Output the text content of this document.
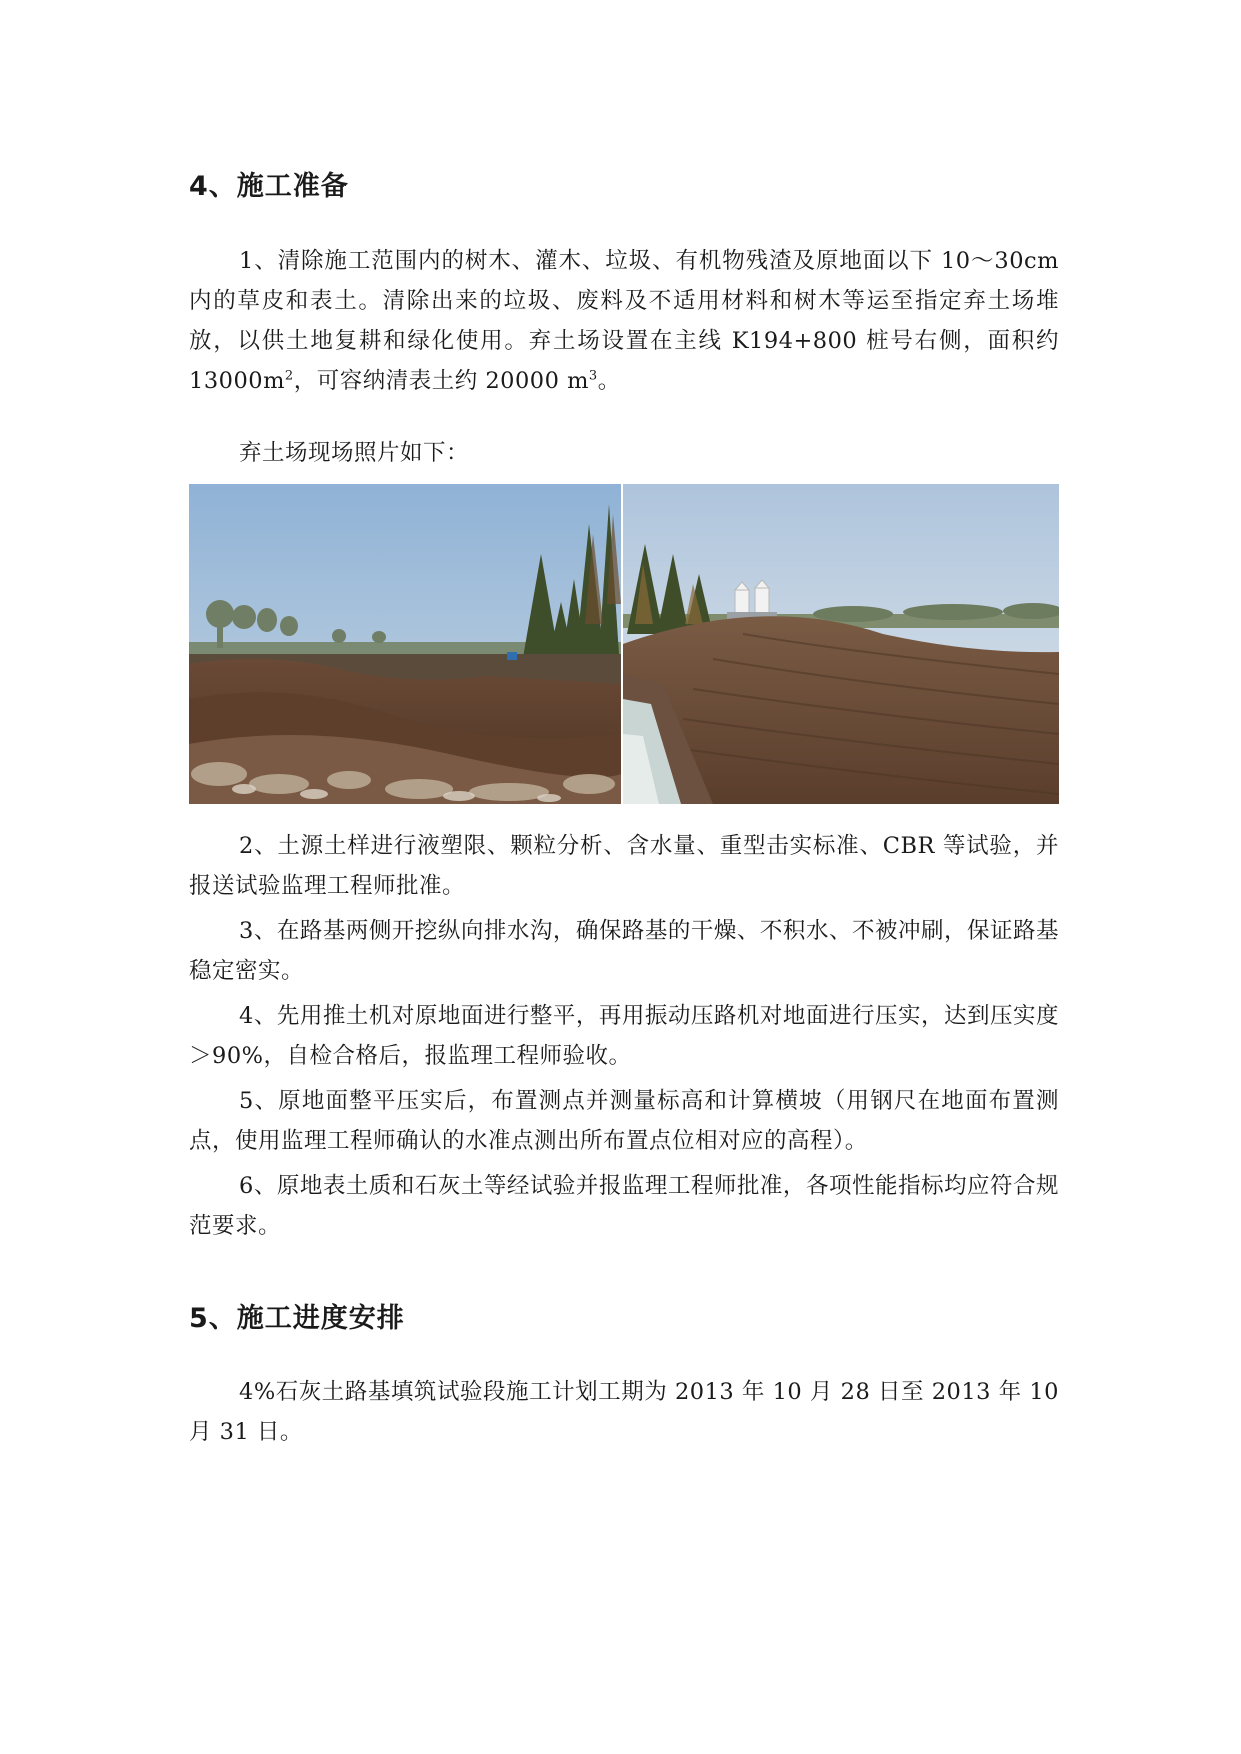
4、施工准备

1、清除施工范围内的树木、灌木、垃圾、有机物残渣及原地面以下 10～30cm 内的草皮和表土。清除出来的垃圾、废料及不适用材料和树木等运至指定弃土场堆放，以供土地复耕和绿化使用。弃土场设置在主线 K194+800 桩号右侧，面积约 $13000m^2$，可容纳清表土约 20000 $m^3$。

弃土场现场照片如下：

2、土源土样进行液塑限、颗粒分析、含水量、重型击实标准、CBR 等试验，并报送试验监理工程师批准。

3、在路基两侧开挖纵向排水沟，确保路基的干燥、不积水、不被冲刷，保证路基稳定密实。

4、先用推土机对原地面进行整平，再用振动压路机对地面进行压实，达到压实度＞90%，自检合格后，报监理工程师验收。

5、原地面整平压实后，布置测点并测量标高和计算横坡（用钢尺在地面布置测点，使用监理工程师确认的水准点测出所布置点位相对应的高程）。

6、原地表土质和石灰土等经试验并报监理工程师批准，各项性能指标均应符合规范要求。

5、施工进度安排

4%石灰土路基填筑试验段施工计划工期为 2013 年 10 月 28 日至 2013 年 10 月 31 日。
